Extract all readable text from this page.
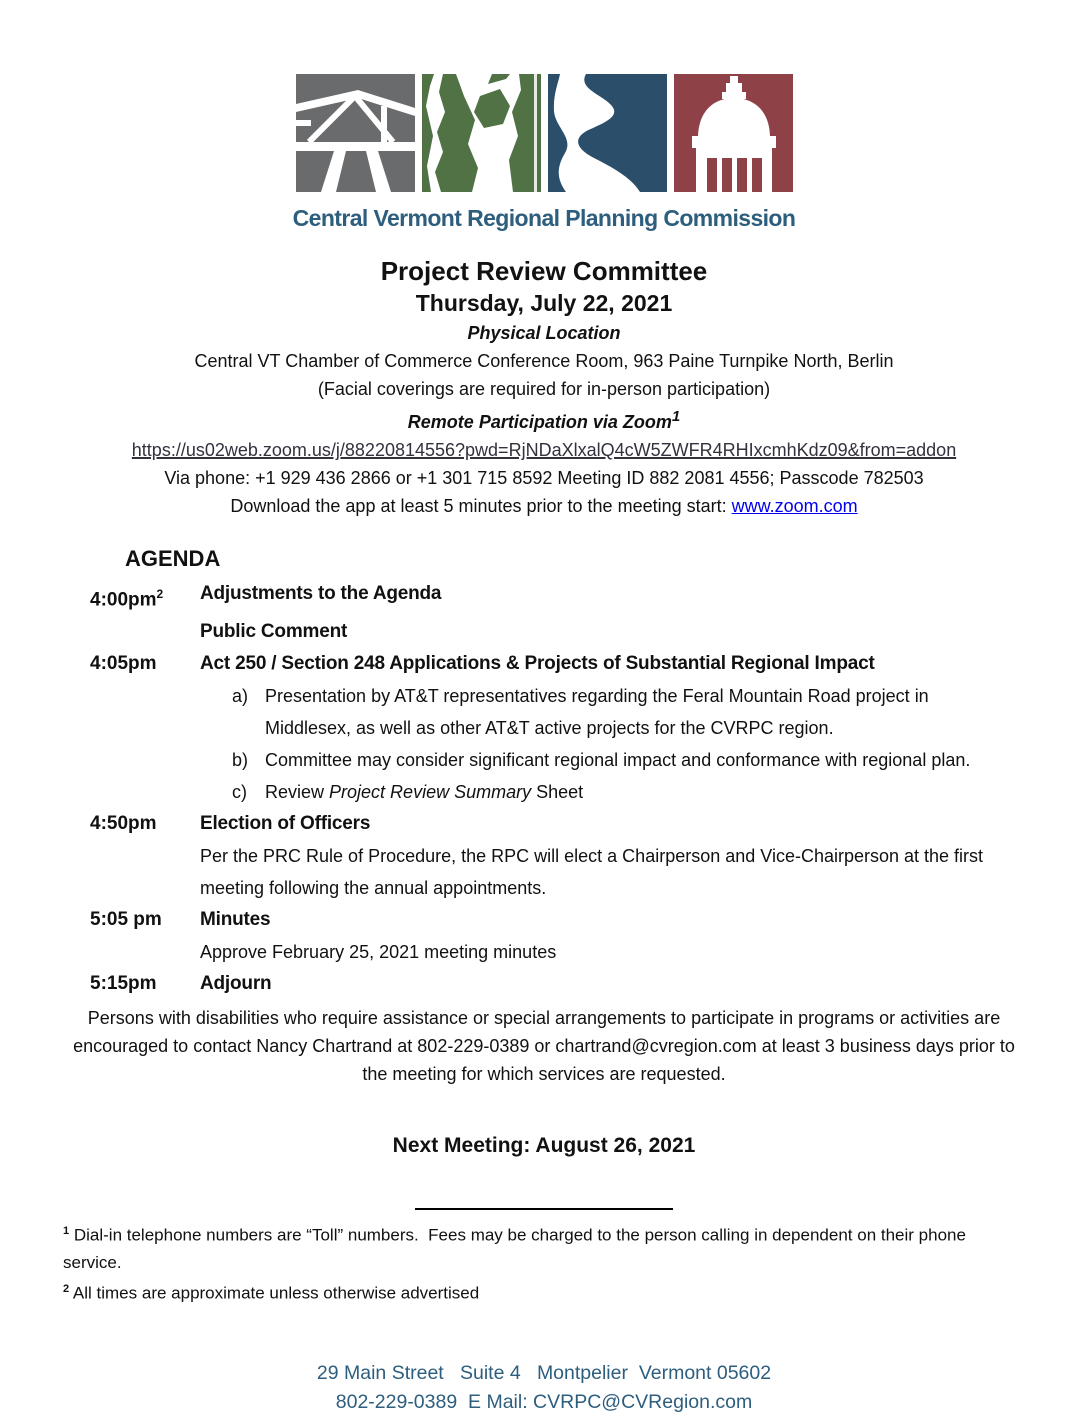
Central Vermont Regional Planning Commission
Project Review Committee
Thursday, July 22, 2021
Physical Location
Central VT Chamber of Commerce Conference Room, 963 Paine Turnpike North, Berlin
(Facial coverings are required for in-person participation)
Remote Participation via Zoom$^1$
https://us02web.zoom.us/j/88220814556?pwd=RjNDaXlxalQ4cW5ZWFR4RHIxcmhKdz09&from=addon
Via phone: +1 929 436 2866 or +1 301 715 8592 Meeting ID 882 2081 4556; Passcode 782503
Download the app at least 5 minutes prior to the meeting start: www.zoom.com
AGENDA
$4:00pm^2$	Adjustments to the Agenda
Public Comment
4:05pm	Act 250 / Section 248 Applications & Projects of Substantial Regional Impact
a) Presentation by AT&T representatives regarding the Feral Mountain Road project in Middlesex, as well as other AT&T active projects for the CVRPC region.
b) Committee may consider significant regional impact and conformance with regional plan.
c)	Review Project Review Summary Sheet
4:50pm	Election of Officers
Per the PRC Rule of Procedure, the RPC will elect a Chairperson and Vice-Chairperson at the first meeting following the annual appointments.
5:05 pm	Minutes
Approve February 25, 2021 meeting minutes
5:15pm	Adjourn

Persons with disabilities who require assistance or special arrangements to participate in programs or activities are encouraged to contact Nancy Chartrand at 802-229-0389 or chartrand@cvregion.com at least 3 business days prior to the meeting for which services are requested.

Next Meeting: August 26, 2021
$^1$ Dial-in telephone numbers are “Toll” numbers.  Fees may be charged to the person calling in dependent on their phone service.
$^2$ All times are approximate unless otherwise advertised
29 Main Street   Suite 4   Montpelier  Vermont 05602
802-229-0389  E Mail: CVRPC@CVRegion.com
